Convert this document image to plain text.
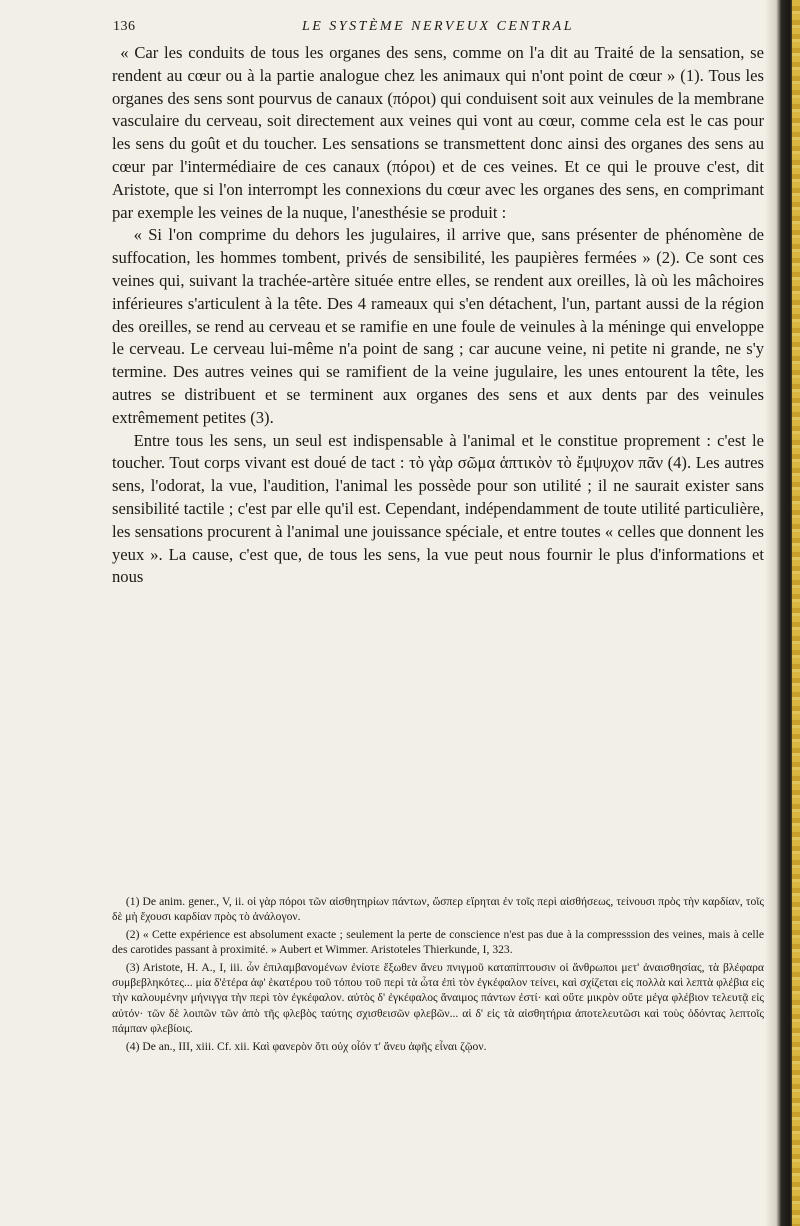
136	LE SYSTÈME NERVEUX CENTRAL

« Car les conduits de tous les organes des sens, comme on l'a dit au Traité de la sensation, se rendent au cœur ou à la partie analogue chez les animaux qui n'ont point de cœur » (1). Tous les organes des sens sont pourvus de canaux (πόροι) qui conduisent soit aux veinules de la membrane vasculaire du cerveau, soit directement aux veines qui vont au cœur, comme cela est le cas pour les sens du goût et du toucher. Les sensations se transmettent donc ainsi des organes des sens au cœur par l'intermédiaire de ces canaux (πόροι) et de ces veines. Et ce qui le prouve c'est, dit Aristote, que si l'on interrompt les connexions du cœur avec les organes des sens, en comprimant par exemple les veines de la nuque, l'anesthésie se produit :

« Si l'on comprime du dehors les jugulaires, il arrive que, sans présenter de phénomène de suffocation, les hommes tombent, privés de sensibilité, les paupières fermées » (2). Ce sont ces veines qui, suivant la trachée-artère située entre elles, se rendent aux oreilles, là où les mâchoires inférieures s'articulent à la tête. Des 4 rameaux qui s'en détachent, l'un, partant aussi de la région des oreilles, se rend au cerveau et se ramifie en une foule de veinules à la méninge qui enveloppe le cerveau. Le cerveau lui-même n'a point de sang ; car aucune veine, ni petite ni grande, ne s'y termine. Des autres veines qui se ramifient de la veine jugulaire, les unes entourent la tête, les autres se distribuent et se terminent aux organes des sens et aux dents par des veinules extrêmement petites (3).

Entre tous les sens, un seul est indispensable à l'animal et le constitue proprement : c'est le toucher. Tout corps vivant est doué de tact : τὸ γὰρ σῶμα ἁπτικὸν τὸ ἔμψυχον πᾶν (4). Les autres sens, l'odorat, la vue, l'audition, l'animal les possède pour son utilité ; il ne saurait exister sans sensibilité tactile ; c'est par elle qu'il est. Cependant, indépendamment de toute utilité particulière, les sensations procurent à l'animal une jouissance spéciale, et entre toutes « celles que donnent les yeux ». La cause, c'est que, de tous les sens, la vue peut nous fournir le plus d'informations et nous

(1) De anim. gener., V, ii. οἱ γὰρ πόροι τῶν αἰσθητηρίων πάντων, ὥσπερ εἴρηται ἐν τοῖς περὶ αἰσθήσεως, τείνουσι πρὸς τὴν καρδίαν, τοῖς δὲ μὴ ἔχουσι καρδίαν πρὸς τὸ ἀνάλογον.

(2) « Cette expérience est absolument exacte ; seulement la perte de conscience n'est pas due à la compresssion des veines, mais à celle des carotides passant à proximité. » Aubert et Wimmer. Aristoteles Thierkunde, I, 323.

(3) Aristote, H. A., I, iii. ὧν ἐπιλαμβανομένων ἐνίοτε ἔξωθεν ἄνευ πνιγμοῦ καταπίπτουσιν οἱ ἄνθρωποι μετ' ἀναισθησίας, τὰ βλέφαρα συμβεβληκότες... μία δ'ἑτέρα ἀφ' ἑκατέρου τοῦ τόπου τοῦ περὶ τὰ ὦτα ἐπὶ τὸν ἐγκέφαλον τείνει, καὶ σχίζεται εἰς πολλὰ καὶ λεπτὰ φλέβια εἰς τὴν καλουμένην μήνιγγα τὴν περὶ τὸν ἐγκέφαλον. αὐτὸς δ' ἐγκέφαλος ἄναιμος πάντων ἐστί· καὶ οὔτε μικρὸν οὔτε μέγα φλέβιον τελευτᾷ εἰς αὐτόν· τῶν δὲ λοιπῶν τῶν ἀπὸ τῆς φλεβὸς ταύτης σχισθεισῶν φλεβῶν... αἱ δ' εἰς τὰ αἰσθητήρια ἀποτελευτῶσι καὶ τοὺς ὀδόντας λεπτοῖς πάμπαν φλεβίοις.

(4) De an., III, xiii. Cf. xii. Καὶ φανερὸν ὅτι οὐχ οἷόν τ' ἄνευ ἁφῆς εἶναι ζῷον.
